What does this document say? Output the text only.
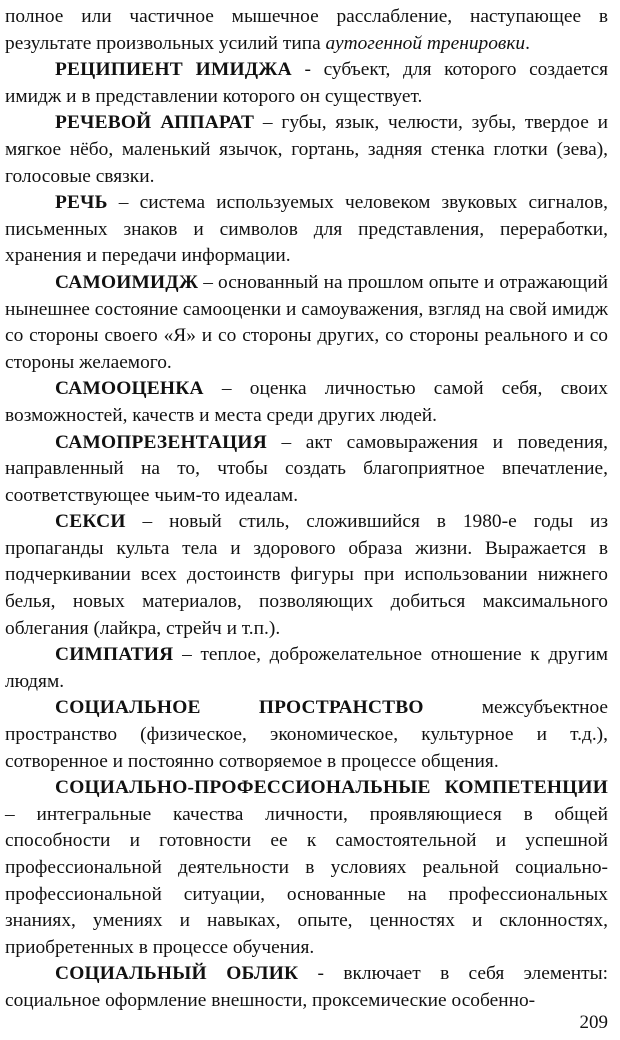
полное или частичное мышечное расслабление, наступающее в результате произвольных усилий типа аутогенной тренировки.

РЕЦИПИЕНТ ИМИДЖА - субъект, для которого создается имидж и в представлении которого он существует.

РЕЧЕВОЙ АППАРАТ – губы, язык, челюсти, зубы, твердое и мягкое нёбо, маленький язычок, гортань, задняя стенка глотки (зева), голосовые связки.

РЕЧЬ – система используемых человеком звуковых сигналов, письменных знаков и символов для представления, переработки, хранения и передачи информации.

САМОИМИДЖ – основанный на прошлом опыте и отражающий нынешнее состояние самооценки и самоуважения, взгляд на свой имидж со стороны своего «Я» и со стороны других, со стороны реального и со стороны желаемого.

САМООЦЕНКА – оценка личностью самой себя, своих возможностей, качеств и места среди других людей.

САМОПРЕЗЕНТАЦИЯ – акт самовыражения и поведения, направленный на то, чтобы создать благоприятное впечатление, соответствующее чьим-то идеалам.

СЕКСИ – новый стиль, сложившийся в 1980-е годы из пропаганды культа тела и здорового образа жизни. Выражается в подчеркивании всех достоинств фигуры при использовании нижнего белья, новых материалов, позволяющих добиться максимального облегания (лайкра, стрейч и т.п.).

СИМПАТИЯ – теплое, доброжелательное отношение к другим людям.

СОЦИАЛЬНОЕ ПРОСТРАНСТВО межсубъектное пространство (физическое, экономическое, культурное и т.д.), сотворенное и постоянно сотворяемое в процессе общения.

СОЦИАЛЬНО-ПРОФЕССИОНАЛЬНЫЕ КОМПЕТЕНЦИИ – интегральные качества личности, проявляющиеся в общей способности и готовности ее к самостоятельной и успешной профессиональной деятельности в условиях реальной социально-профессиональной ситуации, основанные на профессиональных знаниях, умениях и навыках, опыте, ценностях и склонностях, приобретенных в процессе обучения.

СОЦИАЛЬНЫЙ ОБЛИК - включает в себя элементы: социальное оформление внешности, проксемические особенно-

209
